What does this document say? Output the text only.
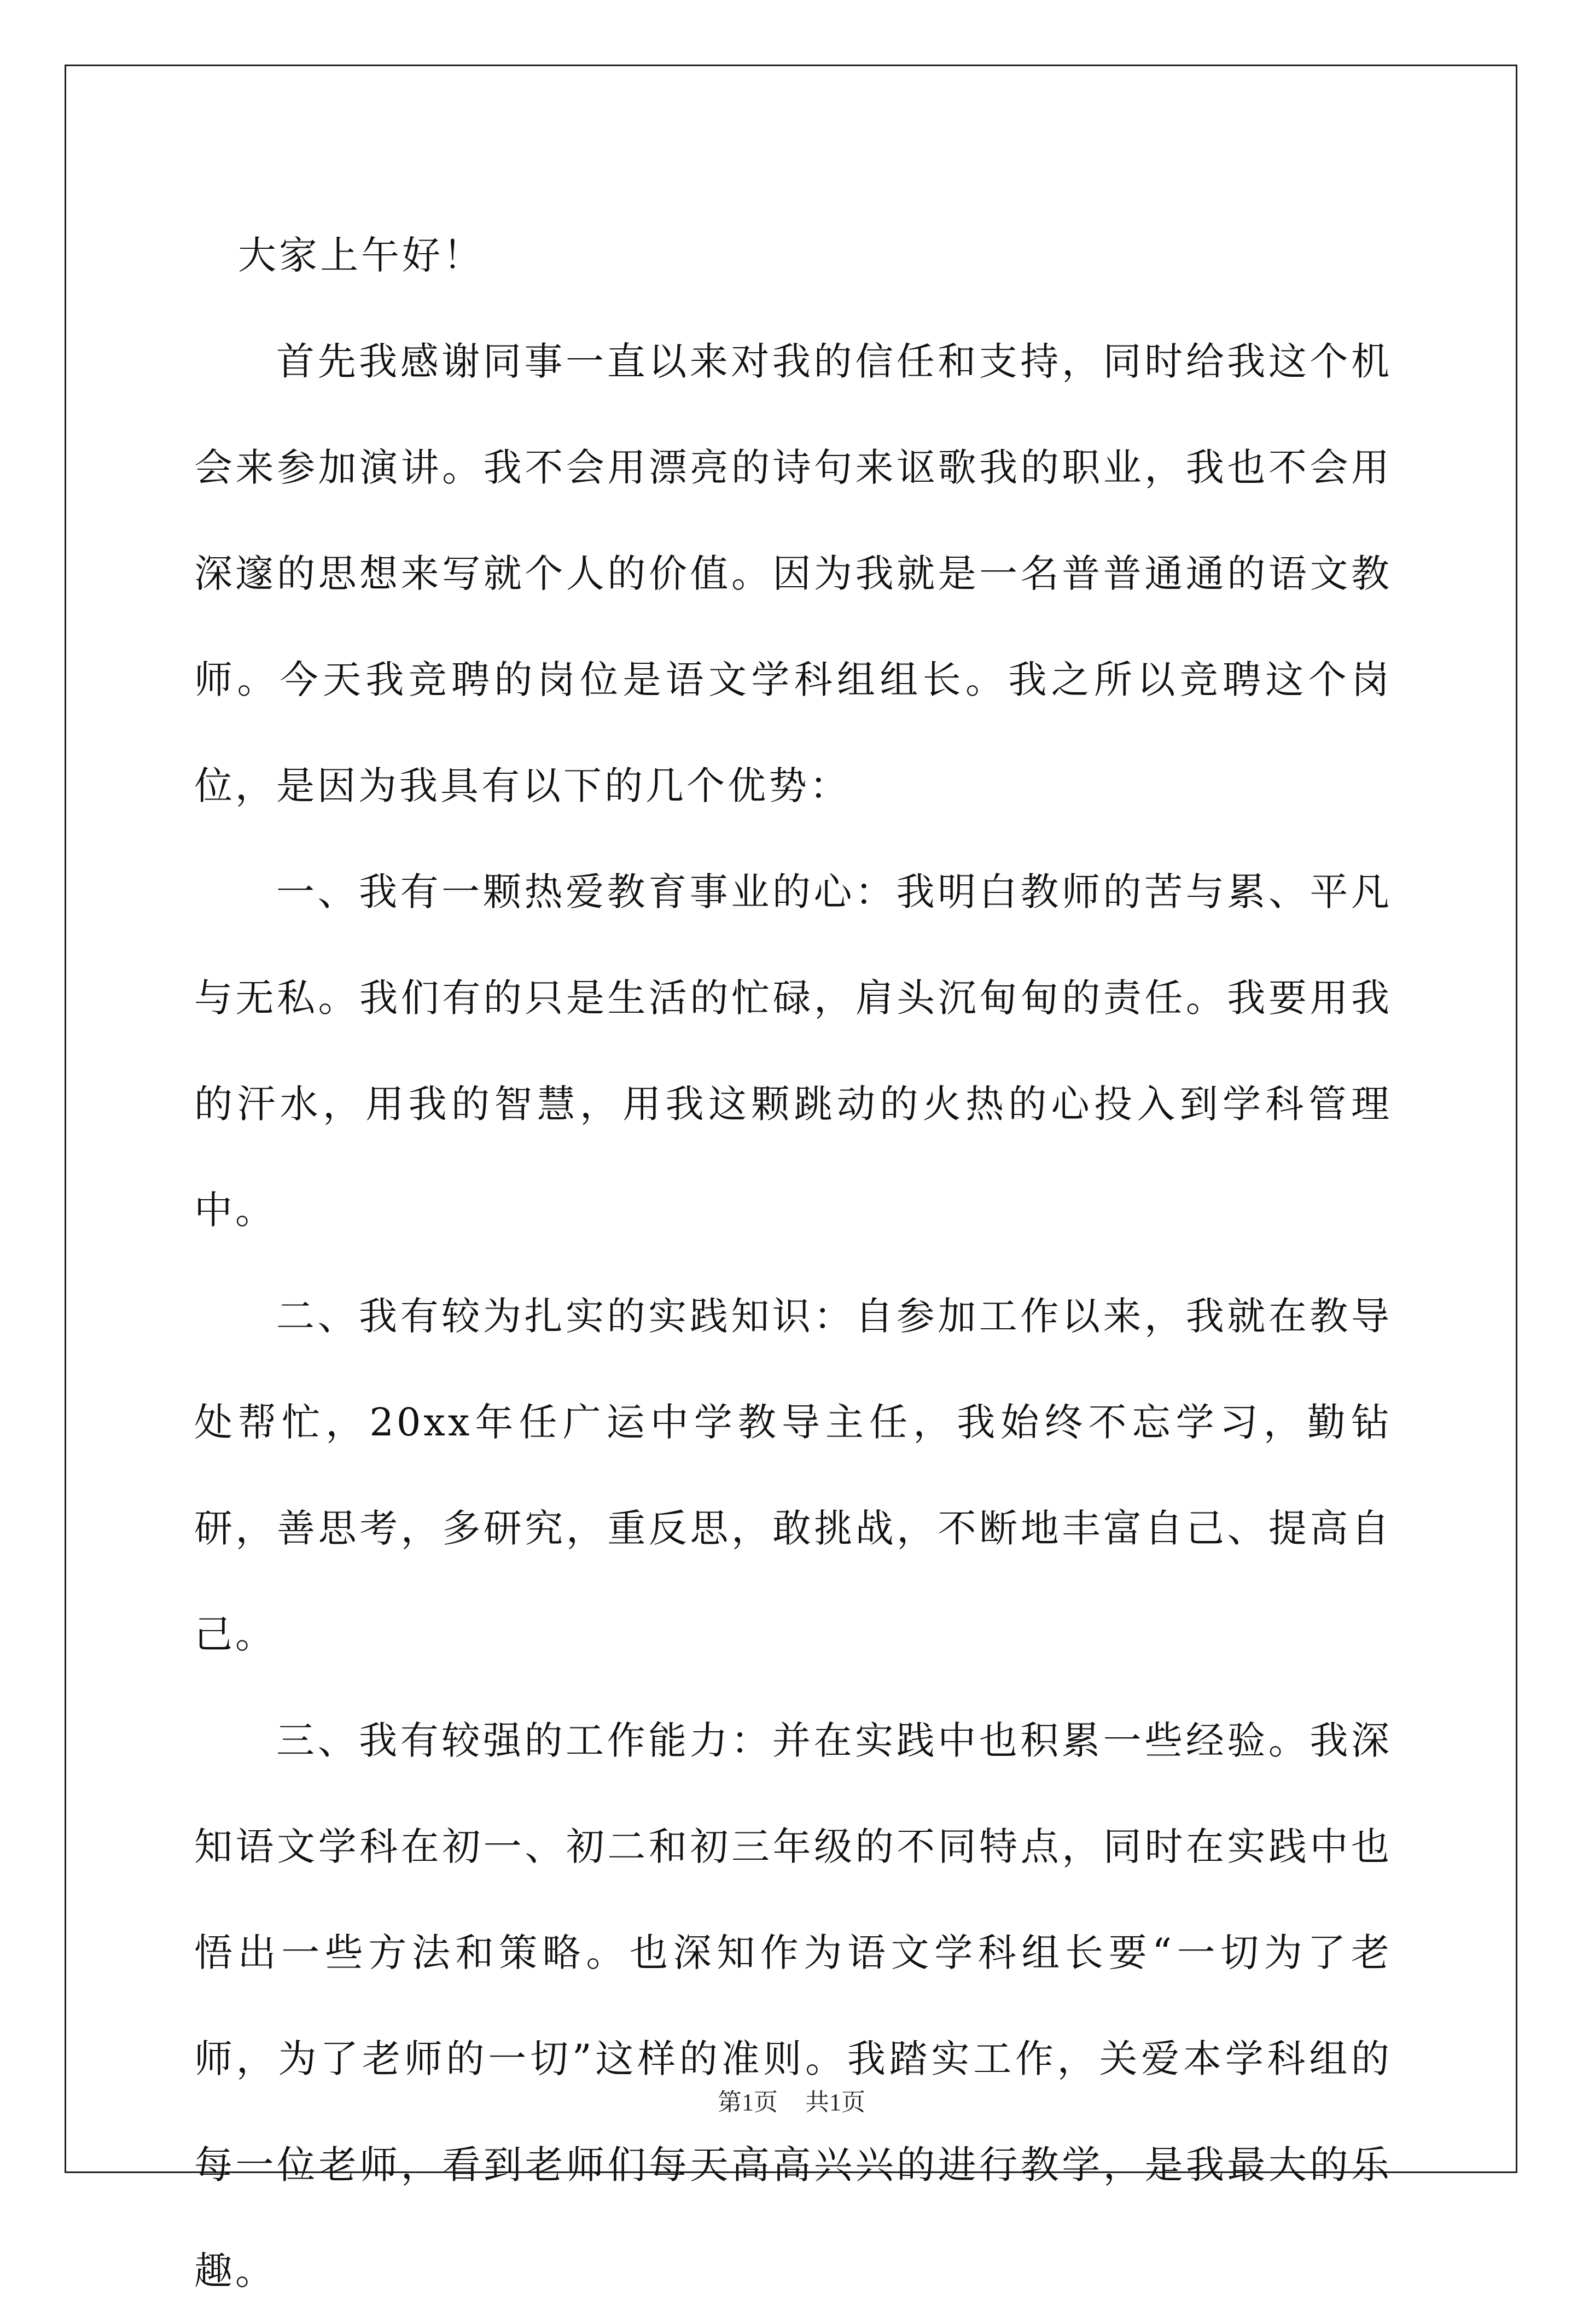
大家上午好！

首先我感谢同事一直以来对我的信任和支持，同时给我这个机会来参加演讲。我不会用漂亮的诗句来讴歌我的职业，我也不会用深邃的思想来写就个人的价值。因为我就是一名普普通通的语文教师。今天我竞聘的岗位是语文学科组组长。我之所以竞聘这个岗位，是因为我具有以下的几个优势：

一、我有一颗热爱教育事业的心：我明白教师的苦与累、平凡与无私。我们有的只是生活的忙碌，肩头沉甸甸的责任。我要用我的汗水，用我的智慧，用我这颗跳动的火热的心投入到学科管理中。

二、我有较为扎实的实践知识：自参加工作以来，我就在教导处帮忙，20xx年任广运中学教导主任，我始终不忘学习，勤钻研，善思考，多研究，重反思，敢挑战，不断地丰富自己、提高自己。

三、我有较强的工作能力：并在实践中也积累一些经验。我深知语文学科在初一、初二和初三年级的不同特点，同时在实践中也悟出一些方法和策略。也深知作为语文学科组长要“一切为了老师，为了老师的一切”这样的准则。我踏实工作，关爱本学科组的每一位老师，看到老师们每天高高兴兴的进行教学，是我最大的乐趣。

第1页 共1页
